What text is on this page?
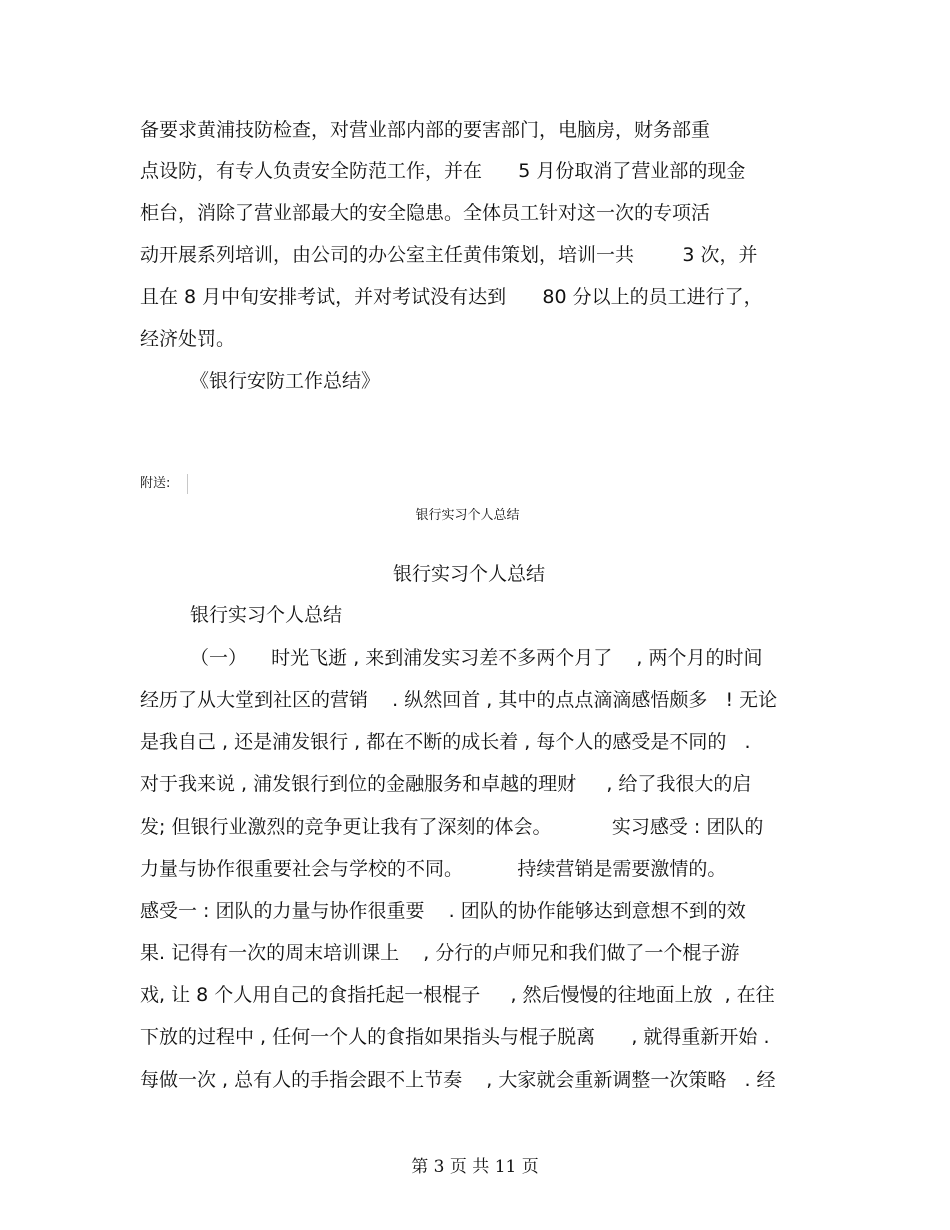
备要求黄浦技防检查，对营业部内部的要害部门，电脑房，财务部重
点设防，有专人负责安全防范工作，并在      5 月份取消了营业部的现金
柜台，消除了营业部最大的安全隐患。全体员工针对这一次的专项活
动开展系列培训，由公司的办公室主任黄伟策划，培训一共        3 次，并
且在 8 月中旬安排考试，并对考试没有达到      80 分以上的员工进行了，
经济处罚。
《银行安防工作总结》
附送:
银行实习个人总结
银行实习个人总结
银行实习个人总结
（一）    时光飞逝 , 来到浦发实习差不多两个月了    , 两个月的时间
经历了从大堂到社区的营销    . 纵然回首 , 其中的点点滴滴感悟颇多   ! 无论
是我自己 , 还是浦发银行 , 都在不断的成长着 , 每个人的感受是不同的   .
对于我来说 , 浦发银行到位的金融服务和卓越的理财     , 给了我很大的启
发; 但银行业激烈的竞争更让我有了深刻的体会。          实习感受 : 团队的
力量与协作很重要社会与学校的不同。         持续营销是需要激情的。
感受一 : 团队的力量与协作很重要    . 团队的协作能够达到意想不到的效
果. 记得有一次的周末培训课上    , 分行的卢师兄和我们做了一个棍子游
戏, 让 8 个人用自己的食指托起一根棍子     , 然后慢慢的往地面上放  , 在往
下放的过程中 , 任何一个人的食指如果指头与棍子脱离      , 就得重新开始 .
每做一次 , 总有人的手指会跟不上节奏    , 大家就会重新调整一次策略   . 经
第 3 页 共 11 页
